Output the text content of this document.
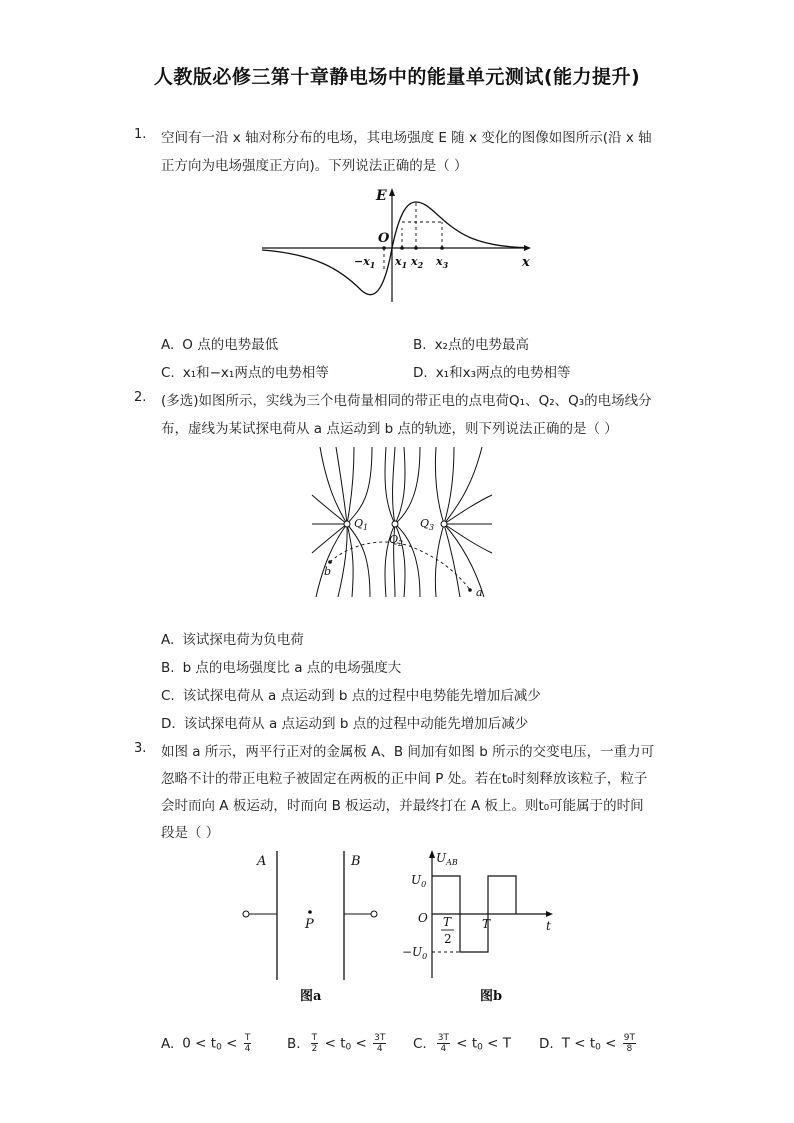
人教版必修三第十章静电场中的能量单元测试(能力提升)
1. 空间有一沿 x 轴对称分布的电场，其电场强度 E 随 x 变化的图像如图所示(沿 x 轴
正方向为电场强度正方向)。下列说法正确的是（ ）
E
x
O
$-x_1$ $x_1$ $x_2$ $x_3$
A. O 点的电势最低	B. x₂点的电势最高
C. x₁和−x₁两点的电势相等	D. x₁和x₃两点的电势相等
2. (多选)如图所示，实线为三个电荷量相同的带正电的点电荷Q₁、Q₂、Q₃的电场线分
布，虚线为某试探电荷从 a 点运动到 b 点的轨迹，则下列说法正确的是（ ）
$Q_1$
$Q_2$
$Q_3$
b
a
A. 该试探电荷为负电荷
B. b 点的电场强度比 a 点的电场强度大
C. 该试探电荷从 a 点运动到 b 点的过程中电势能先增加后减少
D. 该试探电荷从 a 点运动到 b 点的过程中动能先增加后减少
3. 如图 a 所示，两平行正对的金属板 A、B 间加有如图 b 所示的交变电压，一重力可
忽略不计的带正电粒子被固定在两板的正中间 P 处。若在t₀时刻释放该粒子，粒子
会时而向 A 板运动，时而向 B 板运动，并最终打在 A 板上。则t₀可能属于的时间
段是（ ）
A	B
P
图a
$U_{AB}$
$U_0$
$-U_0$
O T
2
T	t
图b
A. $0 < t_0 < \frac{T}{4}$	B. $\frac{T}{2} < t_0 < \frac{3T}{4} C$. $\frac{3T}{4} < t_0 < T$ D. $T < t_0 < \frac{9T}{8}$
